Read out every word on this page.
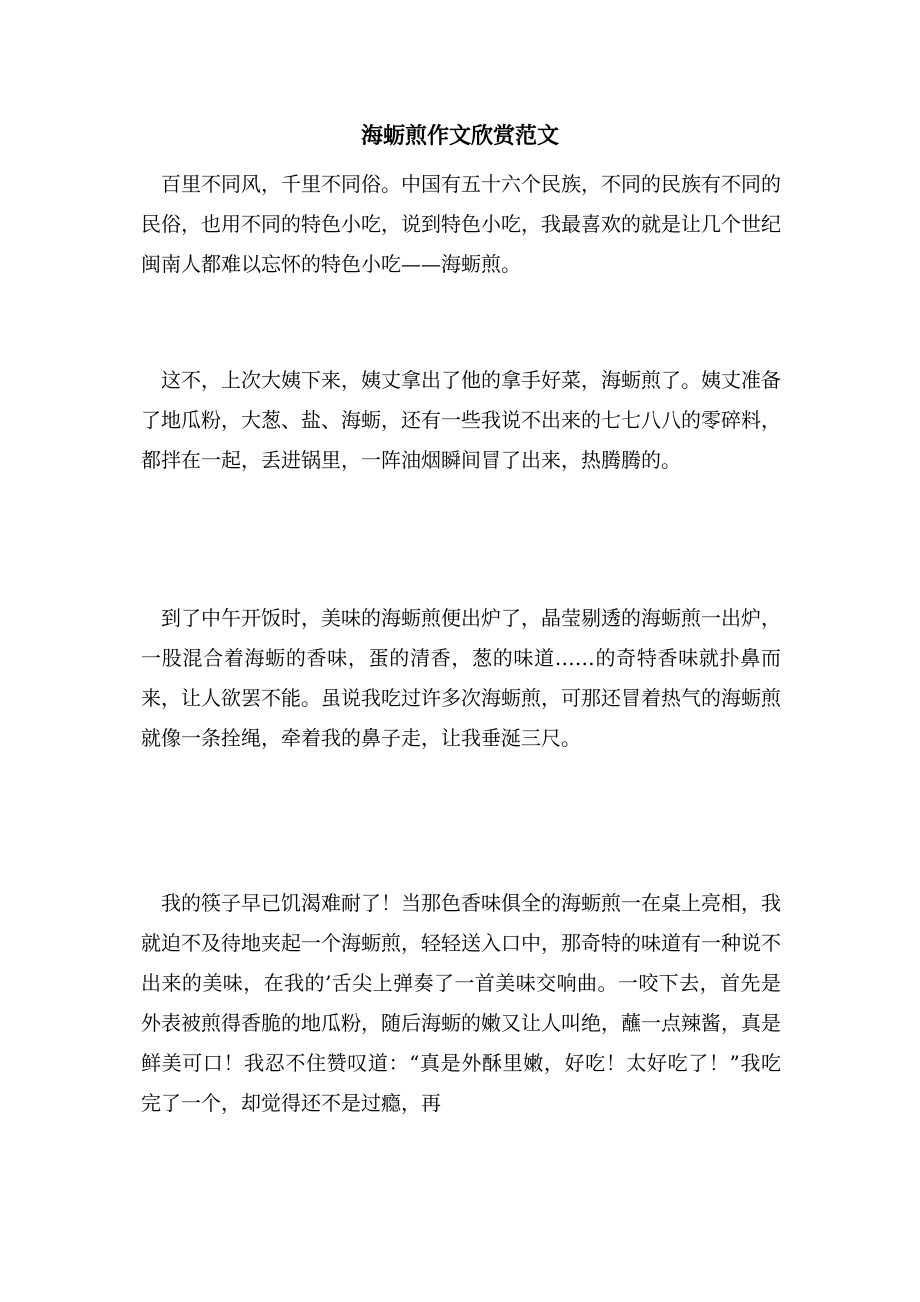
海蛎煎作文欣赏范文

百里不同风，千里不同俗。中国有五十六个民族，不同的民族有不同的民俗，也用不同的特色小吃，说到特色小吃，我最喜欢的就是让几个世纪闽南人都难以忘怀的特色小吃——海蛎煎。

这不，上次大姨下来，姨丈拿出了他的拿手好菜，海蛎煎了。姨丈准备了地瓜粉，大葱、盐、海蛎，还有一些我说不出来的七七八八的零碎料，都拌在一起，丢进锅里，一阵油烟瞬间冒了出来，热腾腾的。

到了中午开饭时，美味的海蛎煎便出炉了，晶莹剔透的海蛎煎一出炉，一股混合着海蛎的香味，蛋的清香，葱的味道……的奇特香味就扑鼻而来，让人欲罢不能。虽说我吃过许多次海蛎煎，可那还冒着热气的海蛎煎就像一条拴绳，牵着我的鼻子走，让我垂涎三尺。

我的筷子早已饥渴难耐了！当那色香味俱全的海蛎煎一在桌上亮相，我就迫不及待地夹起一个海蛎煎，轻轻送入口中，那奇特的味道有一种说不出来的美味，在我的’舌尖上弹奏了一首美味交响曲。一咬下去，首先是外表被煎得香脆的地瓜粉，随后海蛎的嫩又让人叫绝，蘸一点辣酱，真是鲜美可口！我忍不住赞叹道：“真是外酥里嫩，好吃！太好吃了！”我吃完了一个，却觉得还不是过瘾，再
